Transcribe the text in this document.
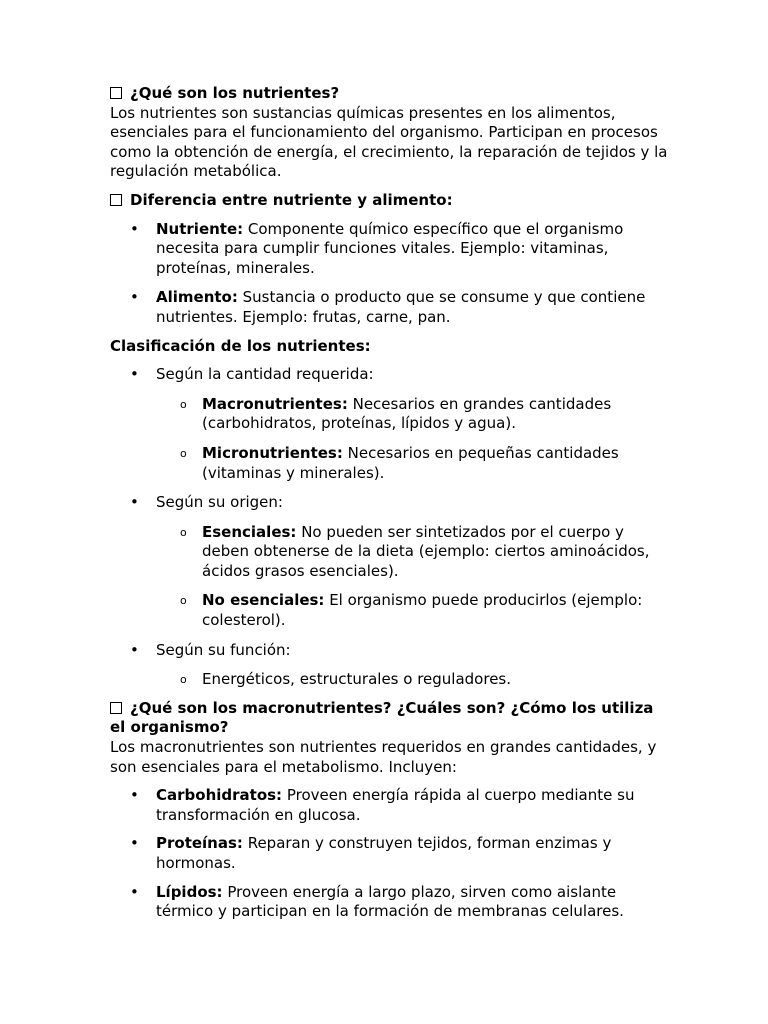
¿Qué son los nutrientes?

Los nutrientes son sustancias químicas presentes en los alimentos, esenciales para el funcionamiento del organismo. Participan en procesos como la obtención de energía, el crecimiento, la reparación de tejidos y la regulación metabólica.

Diferencia entre nutriente y alimento:

• Nutriente: Componente químico específico que el organismo necesita para cumplir funciones vitales. Ejemplo: vitaminas, proteínas, minerales.
• Alimento: Sustancia o producto que se consume y que contiene nutrientes. Ejemplo: frutas, carne, pan.

Clasificación de los nutrientes:

• Según la cantidad requerida:
o Macronutrientes: Necesarios en grandes cantidades (carbohidratos, proteínas, lípidos y agua).
o Micronutrientes: Necesarios en pequeñas cantidades (vitaminas y minerales).
• Según su origen:
o Esenciales: No pueden ser sintetizados por el cuerpo y deben obtenerse de la dieta (ejemplo: ciertos aminoácidos, ácidos grasos esenciales).
o No esenciales: El organismo puede producirlos (ejemplo: colesterol).
• Según su función:
o Energéticos, estructurales o reguladores.

¿Qué son los macronutrientes? ¿Cuáles son? ¿Cómo los utiliza el organismo?

Los macronutrientes son nutrientes requeridos en grandes cantidades, y son esenciales para el metabolismo. Incluyen:

• Carbohidratos: Proveen energía rápida al cuerpo mediante su transformación en glucosa.
• Proteínas: Reparan y construyen tejidos, forman enzimas y hormonas.
• Lípidos: Proveen energía a largo plazo, sirven como aislante térmico y participan en la formación de membranas celulares.
